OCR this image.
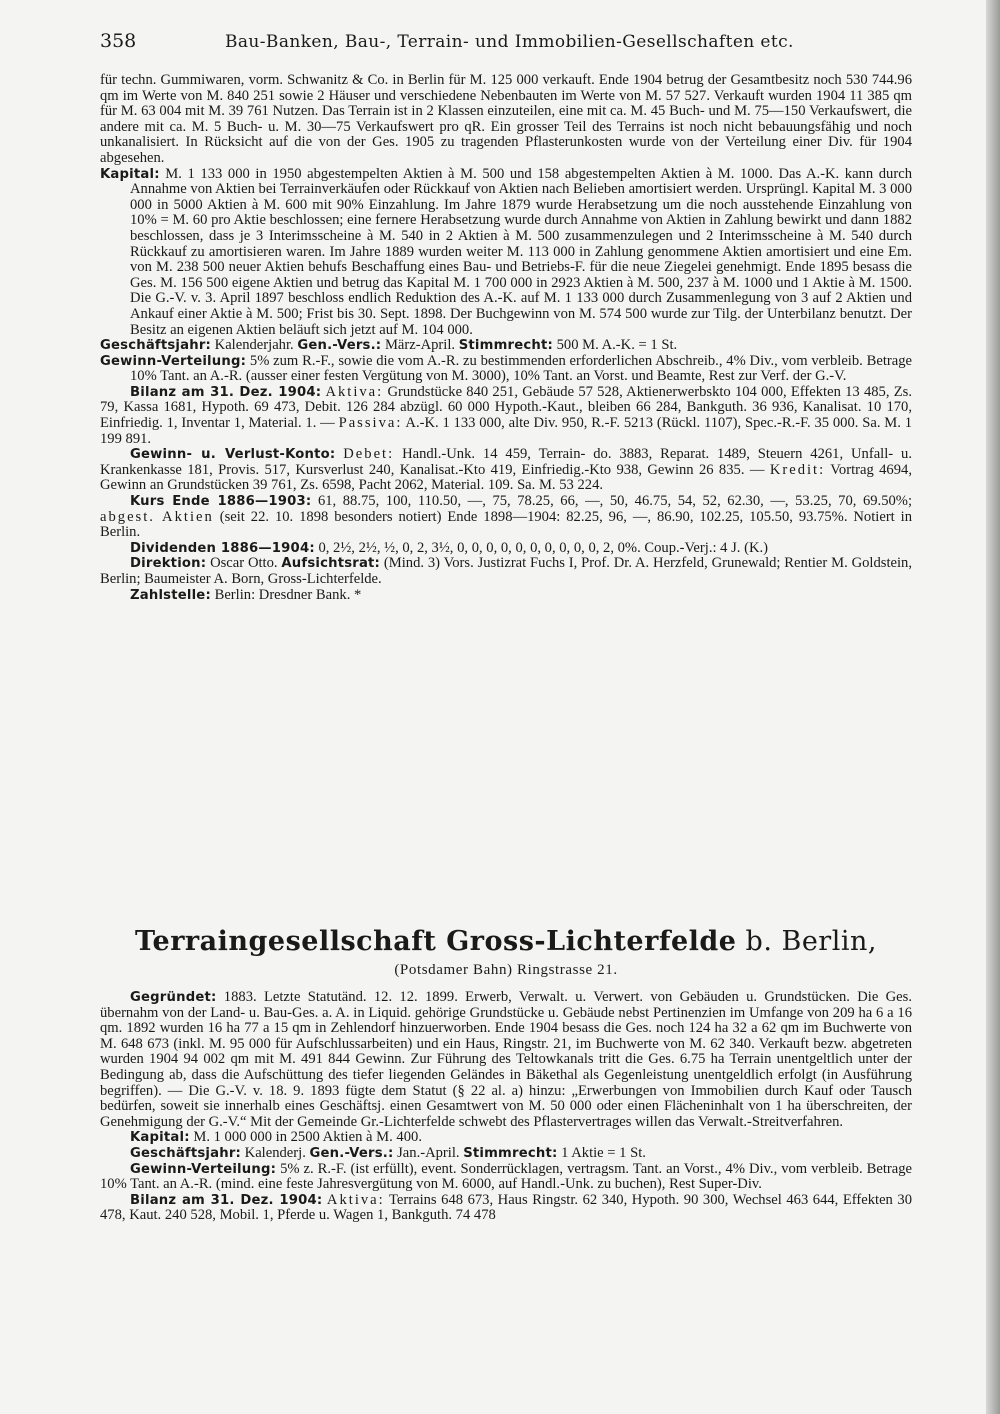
358	Bau-Banken, Bau-, Terrain- und Immobilien-Gesellschaften etc.

für techn. Gummiwaren, vorm. Schwanitz & Co. in Berlin für M. 125 000 verkauft. Ende 1904 betrug der Gesamtbesitz noch 530 744.96 qm im Werte von M. 840 251 sowie 2 Häuser und verschiedene Nebenbauten im Werte von M. 57 527. Verkauft wurden 1904 11 385 qm für M. 63 004 mit M. 39 761 Nutzen. Das Terrain ist in 2 Klassen einzuteilen, eine mit ca. M. 45 Buch- und M. 75—150 Verkaufswert, die andere mit ca. M. 5 Buch- u. M. 30—75 Verkaufswert pro qR. Ein grosser Teil des Terrains ist noch nicht bebauungsfähig und noch unkanalisiert. In Rücksicht auf die von der Ges. 1905 zu tragenden Pflasterunkosten wurde von der Verteilung einer Div. für 1904 abgesehen.

Kapital: M. 1 133 000 in 1950 abgestempelten Aktien à M. 500 und 158 abgestempelten Aktien à M. 1000. Das A.-K. kann durch Annahme von Aktien bei Terrainverkäufen oder Rückkauf von Aktien nach Belieben amortisiert werden. Ursprüngl. Kapital M. 3 000 000 in 5000 Aktien à M. 600 mit 90% Einzahlung. Im Jahre 1879 wurde Herabsetzung um die noch ausstehende Einzahlung von 10% = M. 60 pro Aktie beschlossen; eine fernere Herabsetzung wurde durch Annahme von Aktien in Zahlung bewirkt und dann 1882 beschlossen, dass je 3 Interimsscheine à M. 540 in 2 Aktien à M. 500 zusammenzulegen und 2 Interimsscheine à M. 540 durch Rückkauf zu amortisieren waren. Im Jahre 1889 wurden weiter M. 113 000 in Zahlung genommene Aktien amortisiert und eine Em. von M. 238 500 neuer Aktien behufs Beschaffung eines Bau- und Betriebs-F. für die neue Ziegelei genehmigt. Ende 1895 besass die Ges. M. 156 500 eigene Aktien und betrug das Kapital M. 1 700 000 in 2923 Aktien à M. 500, 237 à M. 1000 und 1 Aktie à M. 1500. Die G.-V. v. 3. April 1897 beschloss endlich Reduktion des A.-K. auf M. 1 133 000 durch Zusammenlegung von 3 auf 2 Aktien und Ankauf einer Aktie à M. 500; Frist bis 30. Sept. 1898. Der Buchgewinn von M. 574 500 wurde zur Tilg. der Unterbilanz benutzt. Der Besitz an eigenen Aktien beläuft sich jetzt auf M. 104 000.

Geschäftsjahr: Kalenderjahr. Gen.-Vers.: März-April. Stimmrecht: 500 M. A.-K. = 1 St.

Gewinn-Verteilung: 5% zum R.-F., sowie die vom A.-R. zu bestimmenden erforderlichen Abschreib., 4% Div., vom verbleib. Betrage 10% Tant. an A.-R. (ausser einer festen Vergütung von M. 3000), 10% Tant. an Vorst. und Beamte, Rest zur Verf. der G.-V.

Bilanz am 31. Dez. 1904: Aktiva: Grundstücke 840 251, Gebäude 57 528, Aktienerwerbskto 104 000, Effekten 13 485, Zs. 79, Kassa 1681, Hypoth. 69 473, Debit. 126 284 abzügl. 60 000 Hypoth.-Kaut., bleiben 66 284, Bankguth. 36 936, Kanalisat. 10 170, Einfriedig. 1, Inventar 1, Material. 1. — Passiva: A.-K. 1 133 000, alte Div. 950, R.-F. 5213 (Rückl. 1107), Spec.-R.-F. 35 000. Sa. M. 1 199 891.

Gewinn- u. Verlust-Konto: Debet: Handl.-Unk. 14 459, Terrain- do. 3883, Reparat. 1489, Steuern 4261, Unfall- u. Krankenkasse 181, Provis. 517, Kursverlust 240, Kanalisat.-Kto 419, Einfriedig.-Kto 938, Gewinn 26 835. — Kredit: Vortrag 4694, Gewinn an Grundstücken 39 761, Zs. 6598, Pacht 2062, Material. 109. Sa. M. 53 224.

Kurs Ende 1886—1903: 61, 88.75, 100, 110.50, —, 75, 78.25, 66, —, 50, 46.75, 54, 52, 62.30, —, 53.25, 70, 69.50%; abgest. Aktien (seit 22. 10. 1898 besonders notiert) Ende 1898—1904: 82.25, 96, —, 86.90, 102.25, 105.50, 93.75%. Notiert in Berlin.

Dividenden 1886—1904: 0, 2½, 2½, ½, 0, 2, 3½, 0, 0, 0, 0, 0, 0, 0, 0, 0, 0, 2, 0%. Coup.-Verj.: 4 J. (K.)

Direktion: Oscar Otto. Aufsichtsrat: (Mind. 3) Vors. Justizrat Fuchs I, Prof. Dr. A. Herzfeld, Grunewald; Rentier M. Goldstein, Berlin; Baumeister A. Born, Gross-Lichterfelde.

Zahlstelle: Berlin: Dresdner Bank. *

Terraingesellschaft Gross-Lichterfelde b. Berlin,
(Potsdamer Bahn) Ringstrasse 21.

Gegründet: 1883. Letzte Statutänd. 12. 12. 1899. Erwerb, Verwalt. u. Verwert. von Gebäuden u. Grundstücken. Die Ges. übernahm von der Land- u. Bau-Ges. a. A. in Liquid. gehörige Grundstücke u. Gebäude nebst Pertinenzien im Umfange von 209 ha 6 a 16 qm. 1892 wurden 16 ha 77 a 15 qm in Zehlendorf hinzuerworben. Ende 1904 besass die Ges. noch 124 ha 32 a 62 qm im Buchwerte von M. 648 673 (inkl. M. 95 000 für Aufschlussarbeiten) und ein Haus, Ringstr. 21, im Buchwerte von M. 62 340. Verkauft bezw. abgetreten wurden 1904 94 002 qm mit M. 491 844 Gewinn. Zur Führung des Teltowkanals tritt die Ges. 6.75 ha Terrain unentgeltlich unter der Bedingung ab, dass die Aufschüttung des tiefer liegenden Geländes in Bäkethal als Gegenleistung unentgeldlich erfolgt (in Ausführung begriffen). — Die G.-V. v. 18. 9. 1893 fügte dem Statut (§ 22 al. a) hinzu: „Erwerbungen von Immobilien durch Kauf oder Tausch bedürfen, soweit sie innerhalb eines Geschäftsj. einen Gesamtwert von M. 50 000 oder einen Flächeninhalt von 1 ha überschreiten, der Genehmigung der G.-V.“ Mit der Gemeinde Gr.-Lichterfelde schwebt des Pflastervertrages willen das Verwalt.-Streitverfahren.

Kapital: M. 1 000 000 in 2500 Aktien à M. 400.

Geschäftsjahr: Kalenderj. Gen.-Vers.: Jan.-April. Stimmrecht: 1 Aktie = 1 St.

Gewinn-Verteilung: 5% z. R.-F. (ist erfüllt), event. Sonderrücklagen, vertragsm. Tant. an Vorst., 4% Div., vom verbleib. Betrage 10% Tant. an A.-R. (mind. eine feste Jahresvergütung von M. 6000, auf Handl.-Unk. zu buchen), Rest Super-Div.

Bilanz am 31. Dez. 1904: Aktiva: Terrains 648 673, Haus Ringstr. 62 340, Hypoth. 90 300, Wechsel 463 644, Effekten 30 478, Kaut. 240 528, Mobil. 1, Pferde u. Wagen 1, Bankguth. 74 478
